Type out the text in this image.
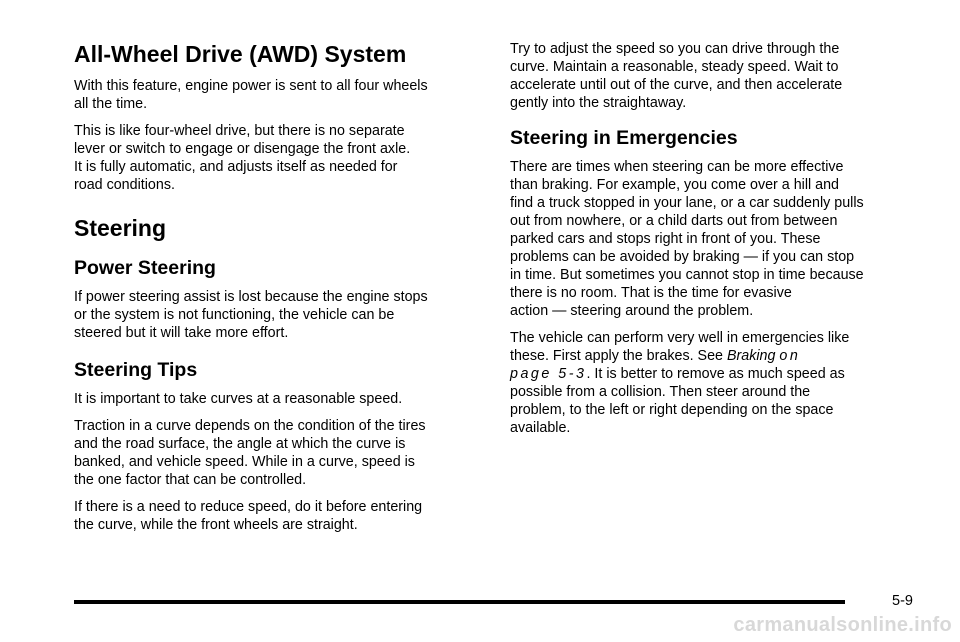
All-Wheel Drive (AWD) System

With this feature, engine power is sent to all four wheels
all the time.

This is like four-wheel drive, but there is no separate
lever or switch to engage or disengage the front axle.
It is fully automatic, and adjusts itself as needed for
road conditions.

Steering
Power Steering

If power steering assist is lost because the engine stops
or the system is not functioning, the vehicle can be
steered but it will take more effort.

Steering Tips

It is important to take curves at a reasonable speed.

Traction in a curve depends on the condition of the tires
and the road surface, the angle at which the curve is
banked, and vehicle speed. While in a curve, speed is
the one factor that can be controlled.

If there is a need to reduce speed, do it before entering
the curve, while the front wheels are straight.

Try to adjust the speed so you can drive through the
curve. Maintain a reasonable, steady speed. Wait to
accelerate until out of the curve, and then accelerate
gently into the straightaway.

Steering in Emergencies

There are times when steering can be more effective
than braking. For example, you come over a hill and
find a truck stopped in your lane, or a car suddenly pulls
out from nowhere, or a child darts out from between
parked cars and stops right in front of you. These
problems can be avoided by braking — if you can stop
in time. But sometimes you cannot stop in time because
there is no room. That is the time for evasive
action — steering around the problem.

The vehicle can perform very well in emergencies like
these. First apply the brakes. See Braking on
page 5-3. It is better to remove as much speed as
possible from a collision. Then steer around the
problem, to the left or right depending on the space
available.

5-9
carmanualsonline.info
